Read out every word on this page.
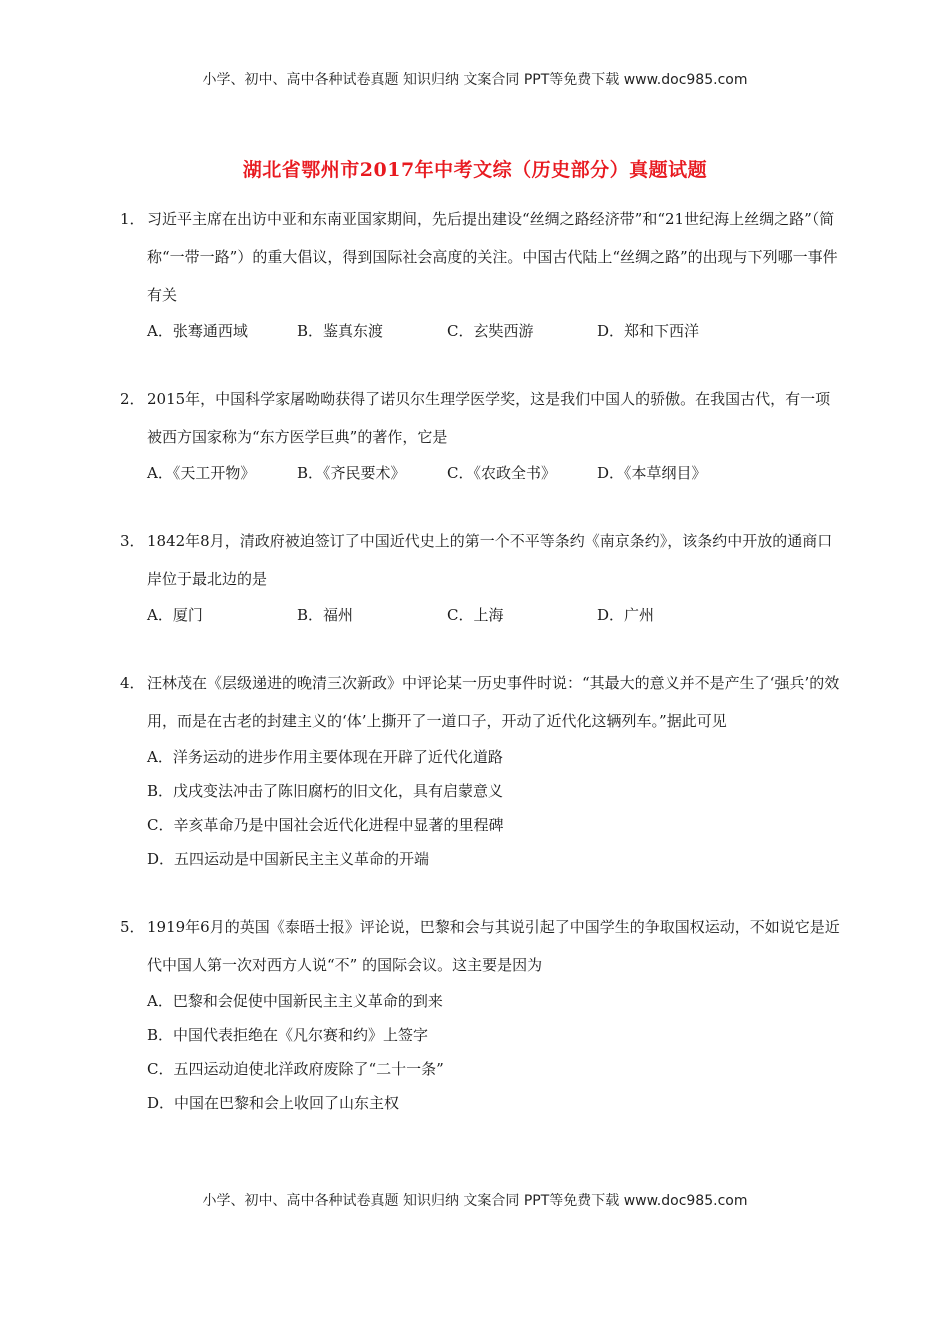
小学、初中、高中各种试卷真题 知识归纳 文案合同 PPT等免费下载 www.doc985.com
湖北省鄂州市2017年中考文综（历史部分）真题试题
1． 习近平主席在出访中亚和东南亚国家期间，先后提出建设“丝绸之路经济带”和“21世纪海上丝绸之路”（简称“一带一路”）的重大倡议，得到国际社会高度的关注。中国古代陆上“丝绸之路”的出现与下列哪一事件有关
A．张骞通西域	B．鉴真东渡	C．玄奘西游	D．郑和下西洋
2． 2015年，中国科学家屠呦呦获得了诺贝尔生理学医学奖，这是我们中国人的骄傲。在我国古代，有一项被西方国家称为“东方医学巨典”的著作，它是
A．《天工开物》	B．《齐民要术》	C．《农政全书》	D．《本草纲目》
3． 1842年8月，清政府被迫签订了中国近代史上的第一个不平等条约《南京条约》，该条约中开放的通商口岸位于最北边的是
A．厦门	B．福州	C．上海	D．广州
4． 汪林茂在《层级递进的晚清三次新政》中评论某一历史事件时说：“其最大的意义并不是产生了‘强兵’的效用，而是在古老的封建主义的‘体’上撕开了一道口子，开动了近代化这辆列车。”据此可见
A．洋务运动的进步作用主要体现在开辟了近代化道路
B．戊戌变法冲击了陈旧腐朽的旧文化，具有启蒙意义
C．辛亥革命乃是中国社会近代化进程中显著的里程碑
D．五四运动是中国新民主主义革命的开端
5． 1919年6月的英国《泰晤士报》评论说，巴黎和会与其说引起了中国学生的争取国权运动，不如说它是近代中国人第一次对西方人说“不” 的国际会议。这主要是因为
A．巴黎和会促使中国新民主主义革命的到来
B．中国代表拒绝在《凡尔赛和约》上签字
C．五四运动迫使北洋政府废除了“二十一条”
D．中国在巴黎和会上收回了山东主权
小学、初中、高中各种试卷真题 知识归纳 文案合同 PPT等免费下载 www.doc985.com
